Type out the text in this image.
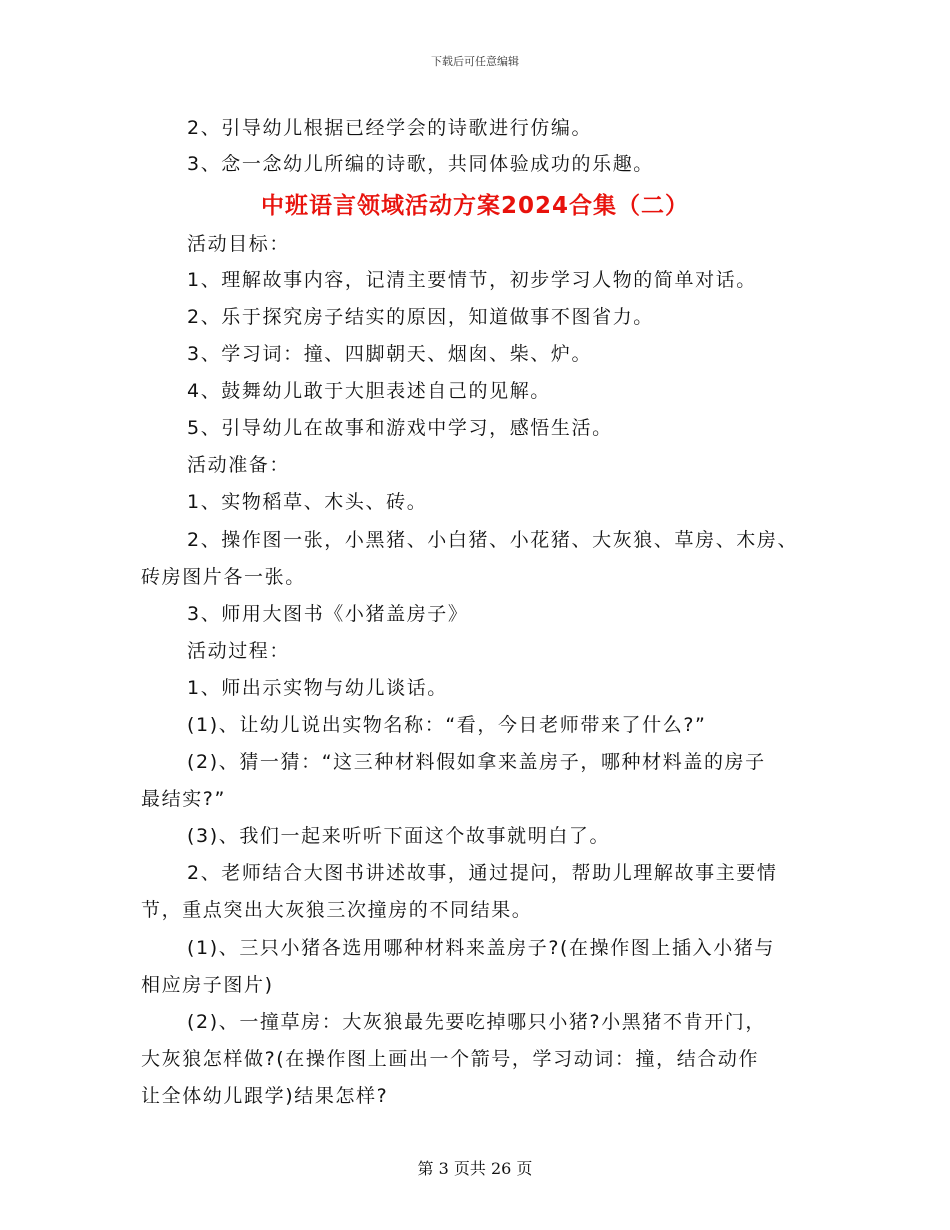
下载后可任意编辑
2、引导幼儿根据已经学会的诗歌进行仿编。
3、念一念幼儿所编的诗歌，共同体验成功的乐趣。
中班语言领域活动方案2024合集（二）
活动目标：
1、理解故事内容，记清主要情节，初步学习人物的简单对话。
2、乐于探究房子结实的原因，知道做事不图省力。
3、学习词：撞、四脚朝天、烟囱、柴、炉。
4、鼓舞幼儿敢于大胆表述自己的见解。
5、引导幼儿在故事和游戏中学习，感悟生活。
活动准备：
1、实物稻草、木头、砖。
2、操作图一张，小黑猪、小白猪、小花猪、大灰狼、草房、木房、
砖房图片各一张。
3、师用大图书《小猪盖房子》
活动过程：
1、师出示实物与幼儿谈话。
(1)、让幼儿说出实物名称：“看，今日老师带来了什么?”
(2)、猜一猜：“这三种材料假如拿来盖房子，哪种材料盖的房子
最结实?”
(3)、我们一起来听听下面这个故事就明白了。
2、老师结合大图书讲述故事，通过提问，帮助儿理解故事主要情
节，重点突出大灰狼三次撞房的不同结果。
(1)、三只小猪各选用哪种材料来盖房子?(在操作图上插入小猪与
相应房子图片)
(2)、一撞草房：大灰狼最先要吃掉哪只小猪?小黑猪不肯开门，
大灰狼怎样做?(在操作图上画出一个箭号，学习动词：撞，结合动作
让全体幼儿跟学)结果怎样?
第 3 页共 26 页
